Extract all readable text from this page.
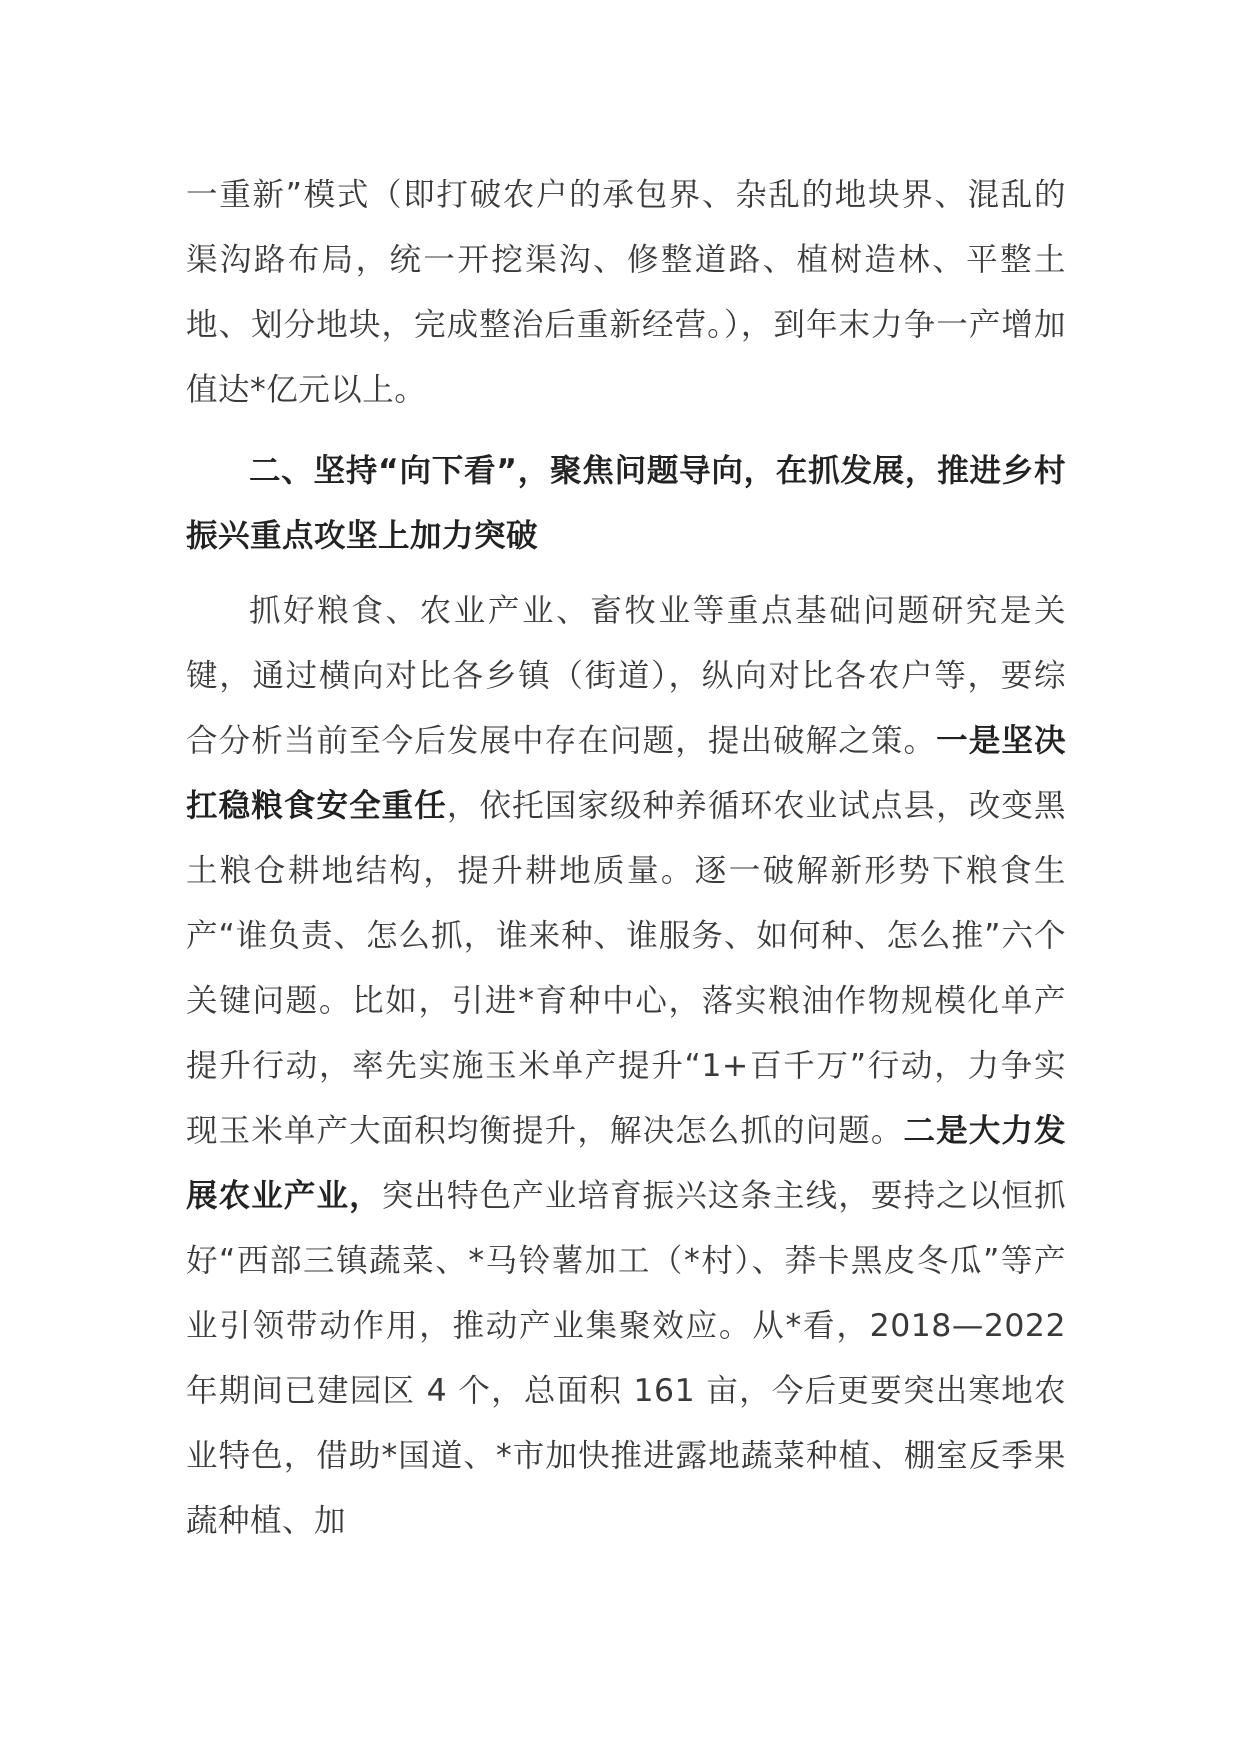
一重新”模式（即打破农户的承包界、杂乱的地块界、混乱的渠沟路布局，统一开挖渠沟、修整道路、植树造林、平整土地、划分地块，完成整治后重新经营。），到年末力争一产增加值达*亿元以上。

二、坚持“向下看”，聚焦问题导向，在抓发展，推进乡村振兴重点攻坚上加力突破

抓好粮食、农业产业、畜牧业等重点基础问题研究是关键，通过横向对比各乡镇（街道），纵向对比各农户等，要综合分析当前至今后发展中存在问题，提出破解之策。一是坚决扛稳粮食安全重任，依托国家级种养循环农业试点县，改变黑土粮仓耕地结构，提升耕地质量。逐一破解新形势下粮食生产“谁负责、怎么抓，谁来种、谁服务、如何种、怎么推”六个关键问题。比如，引进*育种中心，落实粮油作物规模化单产提升行动，率先实施玉米单产提升“1+百千万”行动，力争实现玉米单产大面积均衡提升，解决怎么抓的问题。二是大力发展农业产业，突出特色产业培育振兴这条主线，要持之以恒抓好“西部三镇蔬菜、*马铃薯加工（*村）、莽卡黑皮冬瓜”等产业引领带动作用，推动产业集聚效应。从*看，2018—2022 年期间已建园区 4 个，总面积 161 亩，今后更要突出寒地农业特色，借助*国道、*市加快推进露地蔬菜种植、棚室反季果蔬种植、加
